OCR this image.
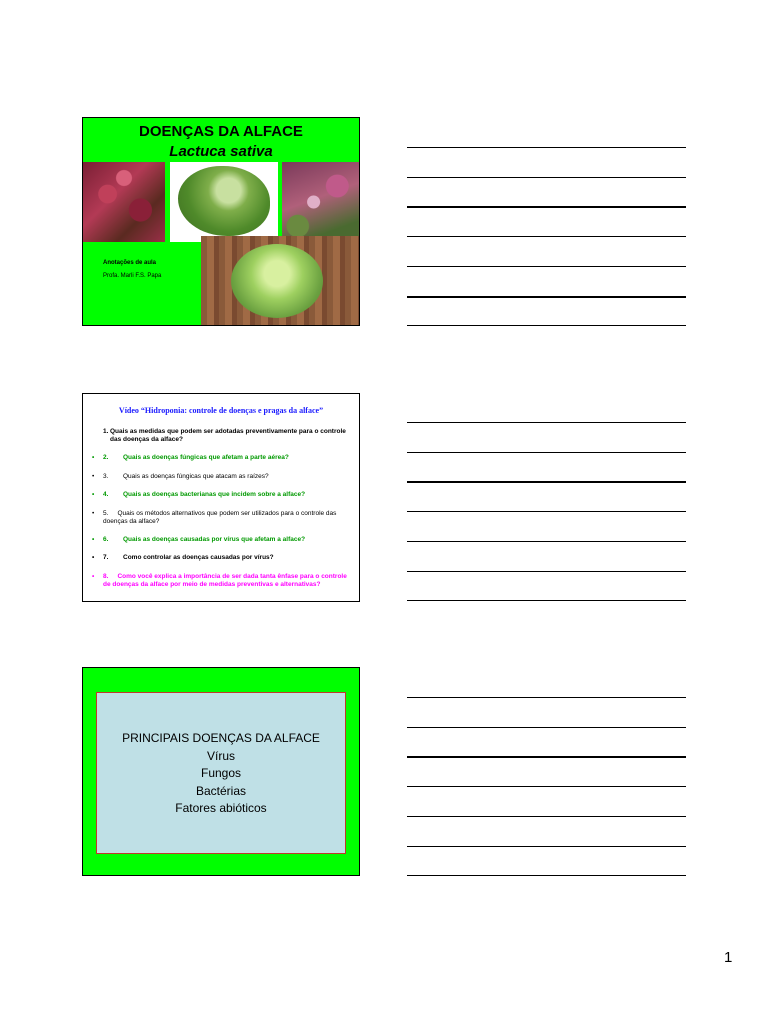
DOENÇAS DA ALFACE
Lactuca sativa
Anotações de aula
Profa. Marli F.S. Papa
Vídeo “Hidroponia: controle de doenças e pragas da alface”
1. Quais as medidas que podem ser adotadas preventivamente para o controle das doenças da alface?
• 2.	Quais as doenças fúngicas que afetam a parte aérea?
• 3.	Quais as doenças fúngicas que atacam as raízes?
• 4.	Quais as doenças bacterianas que incidem sobre a alface?
• 5. Quais os métodos alternativos que podem ser utilizados para o controle das doenças da alface?
• 6.	Quais as doenças causadas por vírus que afetam a alface?
• 7.	Como controlar as doenças causadas por vírus?
• 8. Como você explica a importância de ser dada tanta ênfase para o controle de doenças da alface por meio de medidas preventivas e alternativas?
PRINCIPAIS DOENÇAS DA ALFACE
Vírus
Fungos
Bactérias
Fatores abióticos
1
